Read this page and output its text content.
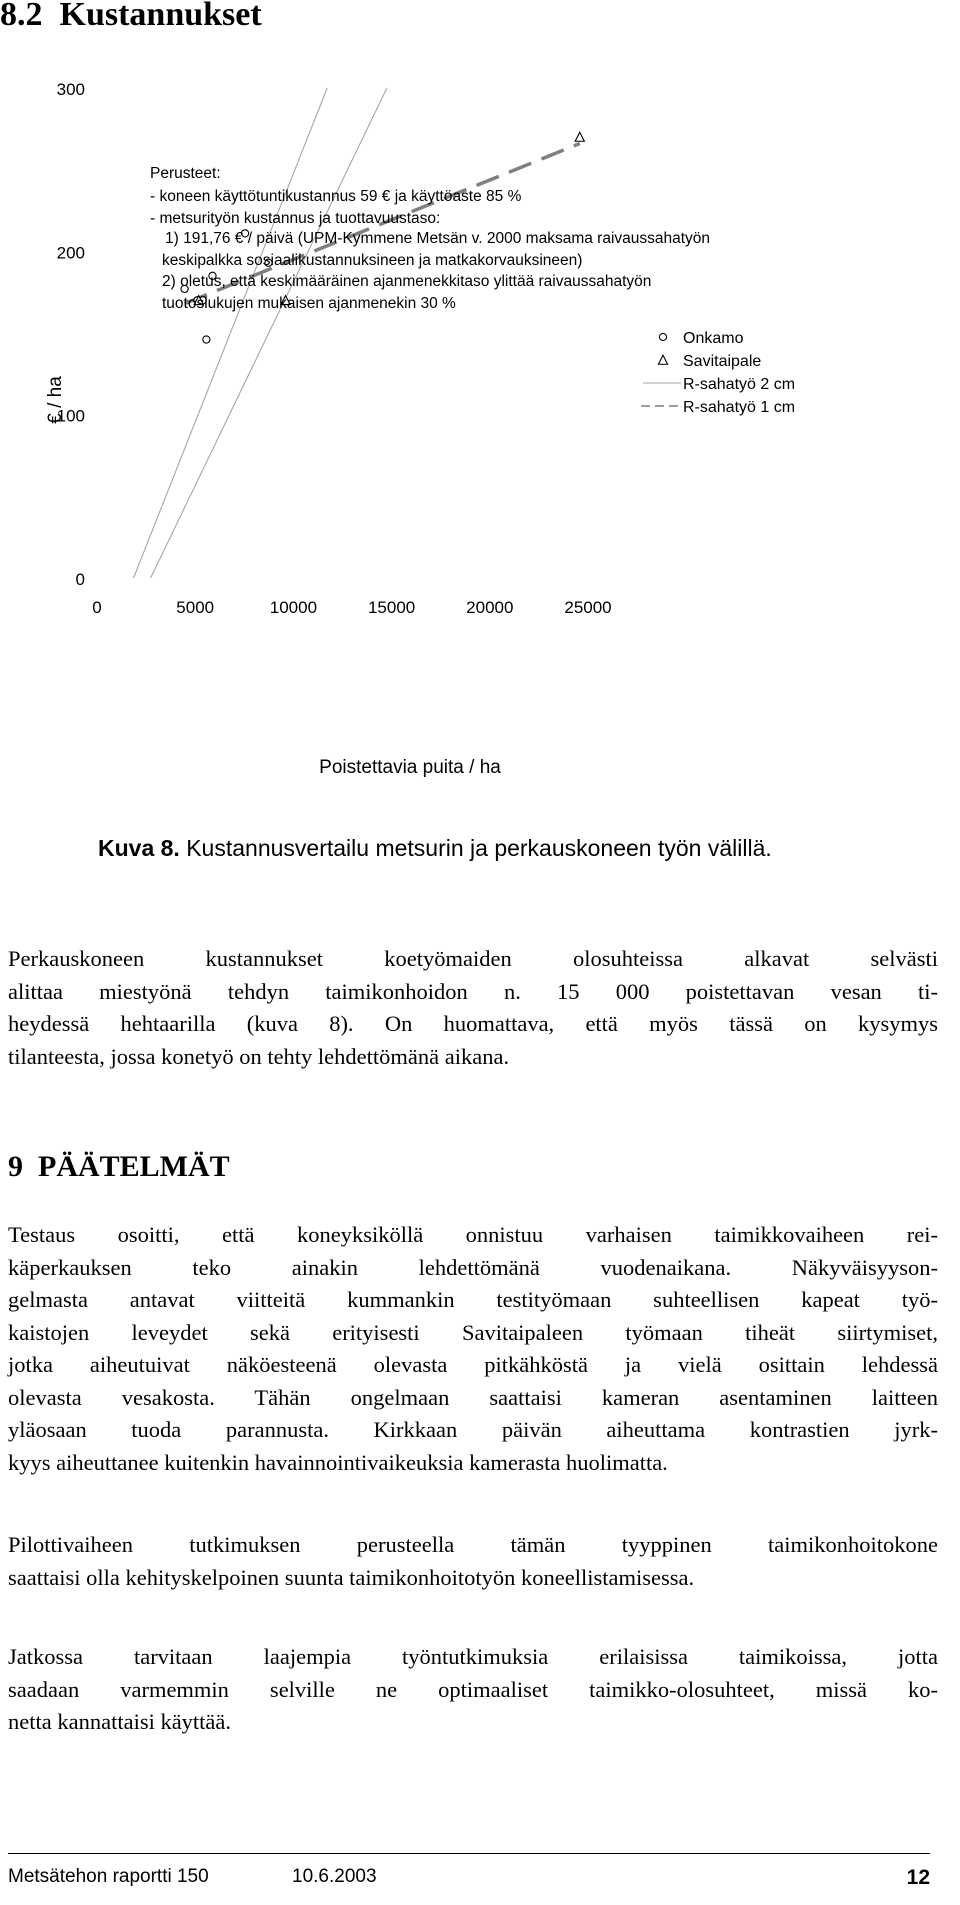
8.2 Kustannukset
0
100
200
300
0	5000	10000	15000	20000	25000
€ / ha
Poistettavia puita / ha
Perusteet:
- koneen käyttötuntikustannus 59 € ja käyttöaste 85 %
- metsurityön kustannus ja tuottavuustaso:
1) 191,76 € / päivä (UPM-Kymmene Metsän v. 2000 maksama raivaussahatyön
keskipalkka sosiaalikustannuksineen ja matkakorvauksineen)
2) oletus, että keskimääräinen ajanmenekkitaso ylittää raivaussahatyön
tuotoslukujen mukaisen ajanmenekin 30 %
Onkamo
Savitaipale
R-sahatyö 2 cm
R-sahatyö 1 cm

Kuva 8. Kustannusvertailu metsurin ja perkauskoneen työn välillä.

Perkauskoneen kustannukset koetyömaiden olosuhteissa alkavat selvästi
alittaa miestyönä tehdyn taimikonhoidon n. 15 000 poistettavan vesan ti-
heydessä hehtaarilla (kuva 8). On huomattava, että myös tässä on kysymys
tilanteesta, jossa konetyö on tehty lehdettömänä aikana.
9 PÄÄTELMÄT
Testaus osoitti, että koneyksiköllä onnistuu varhaisen taimikkovaiheen rei-
käperkauksen teko ainakin lehdettömänä vuodenaikana. Näkyväisyyson-
gelmasta antavat viitteitä kummankin testityömaan suhteellisen kapeat työ-
kaistojen leveydet sekä erityisesti Savitaipaleen työmaan tiheät siirtymiset,
jotka aiheutuivat näköesteenä olevasta pitkähköstä ja vielä osittain lehdessä
olevasta vesakosta. Tähän ongelmaan saattaisi kameran asentaminen laitteen
yläosaan tuoda parannusta. Kirkkaan päivän aiheuttama kontrastien jyrk-
kyys aiheuttanee kuitenkin havainnointivaikeuksia kamerasta huolimatta.
Pilottivaiheen tutkimuksen perusteella tämän tyyppinen taimikonhoitokone
saattaisi olla kehityskelpoinen suunta taimikonhoitotyön koneellistamisessa.
Jatkossa tarvitaan laajempia työntutkimuksia erilaisissa taimikoissa, jotta
saadaan varmemmin selville ne optimaaliset taimikko-olosuhteet, missä ko-
netta kannattaisi käyttää.

Metsätehon raportti 150	10.6.2003	12
